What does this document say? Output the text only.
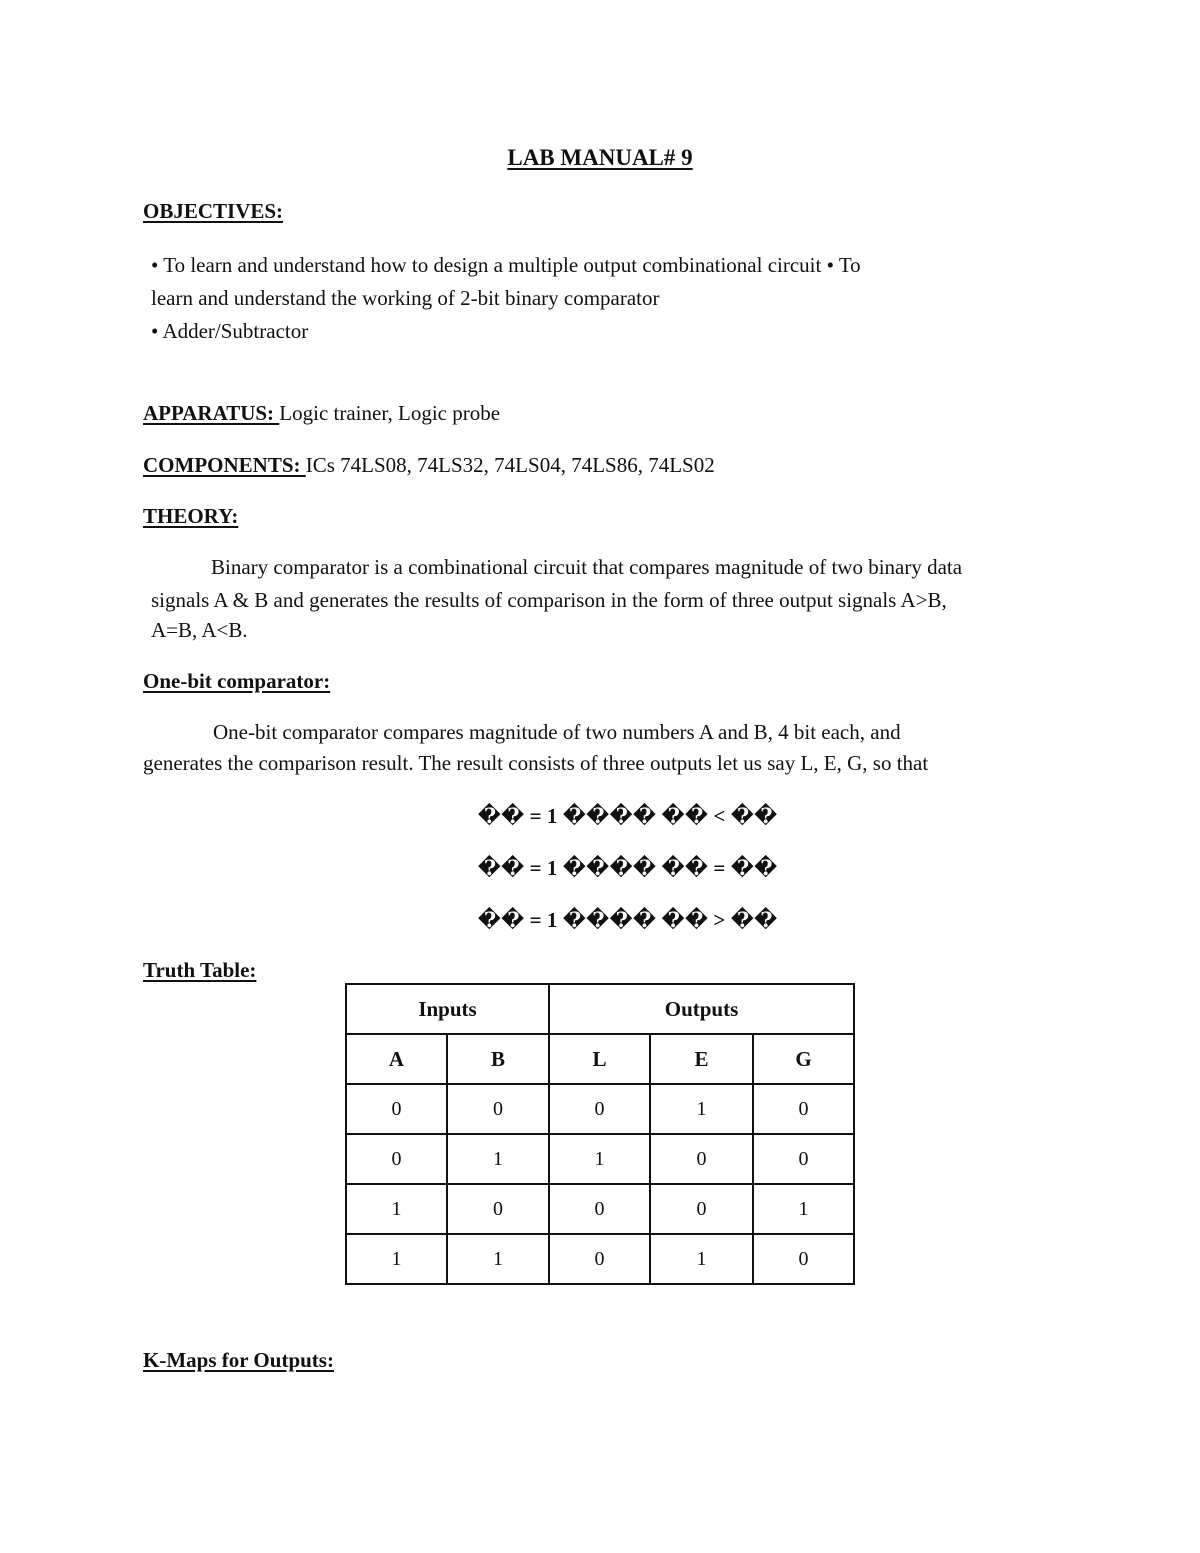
LAB MANUAL# 9
OBJECTIVES:
• To learn and understand how to design a multiple output combinational circuit • To
learn and understand the working of 2-bit binary comparator
• Adder/Subtractor
APPARATUS: Logic trainer, Logic probe
COMPONENTS: ICs 74LS08, 74LS32, 74LS04, 74LS86, 74LS02
THEORY:
Binary comparator is a combinational circuit that compares magnitude of two binary data
signals A & B and generates the results of comparison in the form of three output signals A>B,
A=B, A<B.
One-bit comparator:
One-bit comparator compares magnitude of two numbers A and B, 4 bit each, and
generates the comparison result. The result consists of three outputs let us say L, E, G, so that
�� = 1 ���� �� < ��
�� = 1 ���� �� = ��
�� = 1 ���� �� > ��
Truth Table:
Inputs		Outputs		
A	B	L	E	G
0	0	0	1	0
0	1	1	0	0
1	0	0	0	1
1	1	0	1	0
K-Maps for Outputs:
